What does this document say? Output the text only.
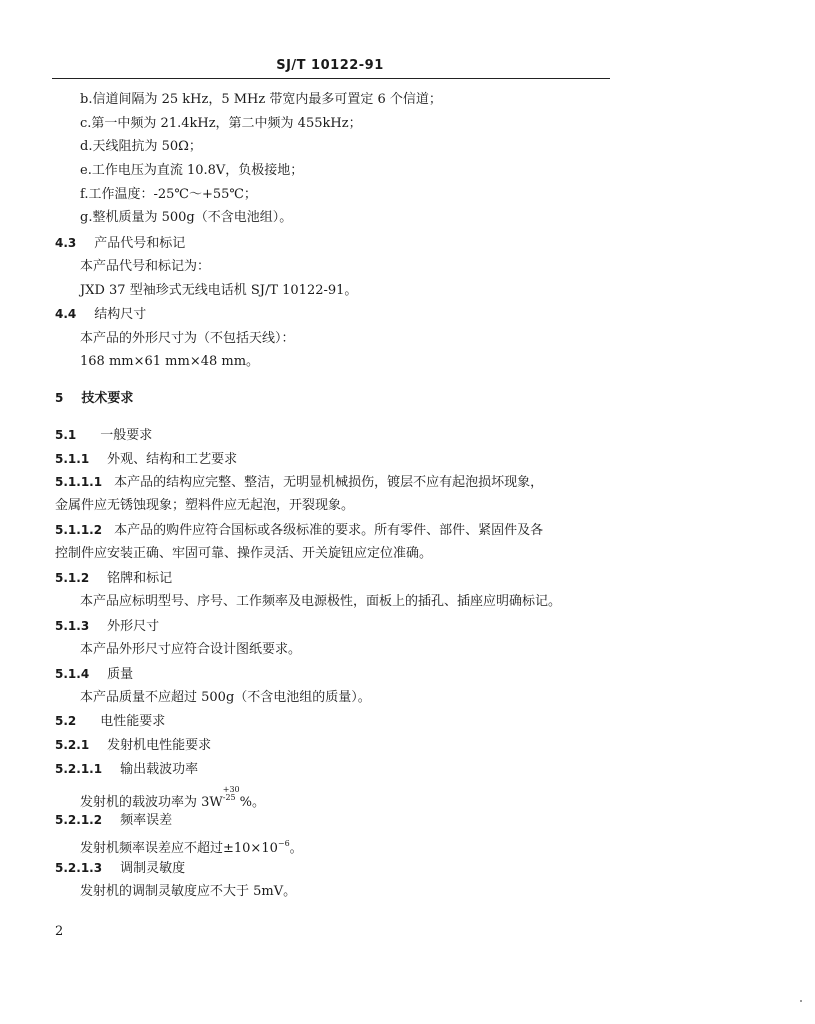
SJ/T 10122-91
b.信道间隔为 25 kHz，5 MHz 带宽内最多可置定 6 个信道；
c.第一中频为 21.4kHz，第二中频为 455kHz；
d.天线阻抗为 50Ω；
e.工作电压为直流 10.8V，负极接地；
f.工作温度：-25℃～+55℃；
g.整机质量为 500g（不含电池组）。
4.3 产品代号和标记
本产品代号和标记为：
JXD 37 型袖珍式无线电话机 SJ/T 10122-91。
4.4 结构尺寸
本产品的外形尺寸为（不包括天线）：
168 mm×61 mm×48 mm。
5 技术要求
5.1 一般要求
5.1.1 外观、结构和工艺要求
5.1.1.1 本产品的结构应完整、整洁，无明显机械损伤，镀层不应有起泡损坏现象，
金属件应无锈蚀现象；塑料件应无起泡，开裂现象。
5.1.1.2 本产品的购件应符合国标或各级标准的要求。所有零件、部件、紧固件及各
控制件应安装正确、牢固可靠、操作灵活、开关旋钮应定位准确。
5.1.2 铭牌和标记
本产品应标明型号、序号、工作频率及电源极性，面板上的插孔、插座应明确标记。
5.1.3 外形尺寸
本产品外形尺寸应符合设计图纸要求。
5.1.4 质量
本产品质量不应超过 500g（不含电池组的质量）。
5.2 电性能要求
5.2.1 发射机电性能要求
5.2.1.1 输出载波功率
发射机的载波功率为 $3W^{+30 -25}$ %。
5.2.1.2 频率误差
发射机频率误差应不超过$\pm 10\times 10^{-6}$。
5.2.1.3 调制灵敏度
发射机的调制灵敏度应不大于 5mV。
2
